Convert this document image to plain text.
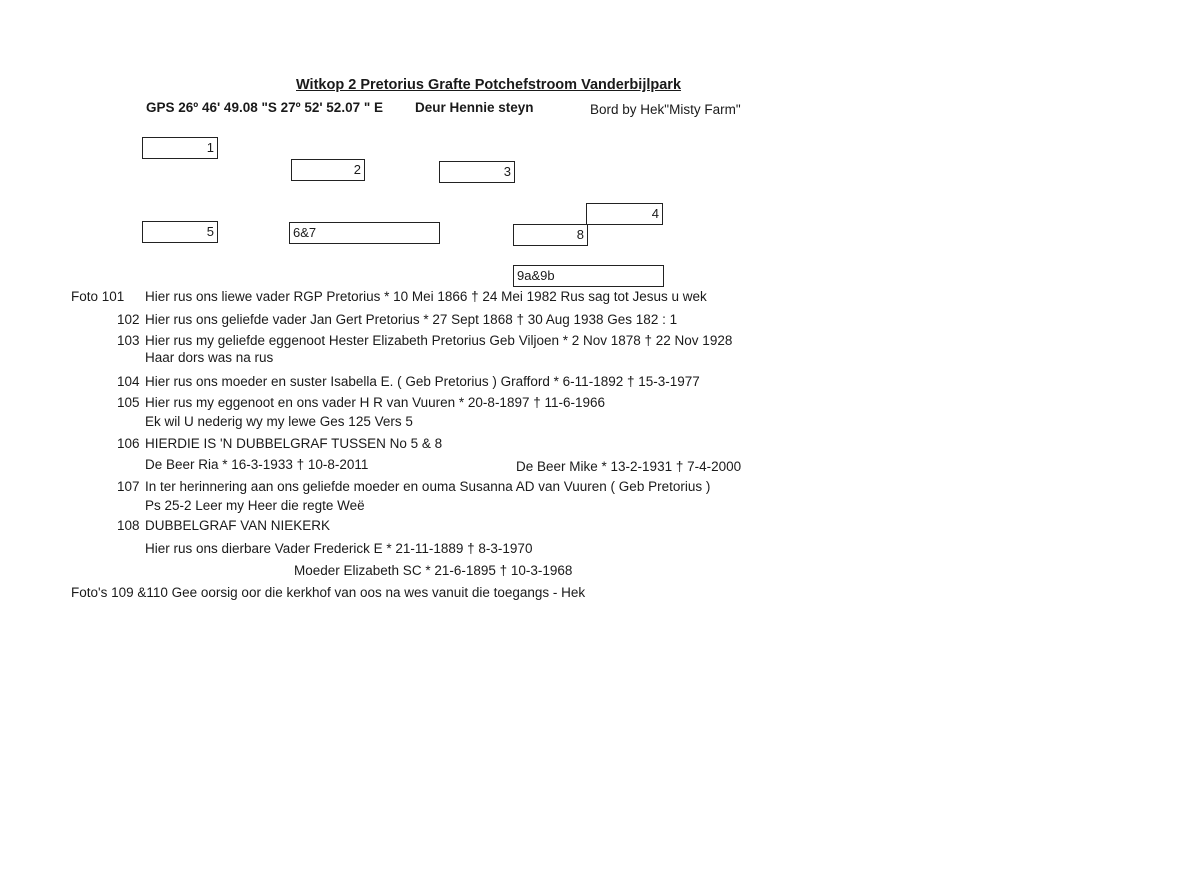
Witkop 2 Pretorius Grafte Potchefstroom Vanderbijlpark
GPS 26º 46' 49.08 "S 27º 52' 52.07 " E Deur Hennie steyn	Bord by Hek"Misty Farm"
1
2	3
4
5	6&7	8
9a&9b
Foto 101 Hier rus ons liewe vader RGP Pretorius * 10 Mei 1866 † 24 Mei 1982 Rus sag tot Jesus u wek
102 Hier rus ons geliefde vader Jan Gert Pretorius * 27 Sept 1868 † 30 Aug 1938 Ges 182 : 1
103 Hier rus my geliefde eggenoot Hester Elizabeth Pretorius Geb Viljoen * 2 Nov 1878 † 22 Nov 1928
Haar dors was na rus
104 Hier rus ons moeder en suster Isabella E. ( Geb Pretorius ) Grafford * 6-11-1892 † 15-3-1977
105 Hier rus my eggenoot en ons vader H R van Vuuren * 20-8-1897 † 11-6-1966
Ek wil U nederig wy my lewe Ges 125 Vers 5
106 HIERDIE IS 'N DUBBELGRAF TUSSEN No 5 & 8
De Beer Ria * 16-3-1933 † 10-8-2011	De Beer Mike * 13-2-1931 † 7-4-2000
107 In ter herinnering aan ons geliefde moeder en ouma Susanna AD van Vuuren ( Geb Pretorius )
Ps 25-2 Leer my Heer die regte Weë
108 DUBBELGRAF VAN NIEKERK
Hier rus ons dierbare Vader Frederick E * 21-11-1889 † 8-3-1970
Moeder Elizabeth SC * 21-6-1895 † 10-3-1968
Foto's 109 &110 Gee oorsig oor die kerkhof van oos na wes vanuit die toegangs - Hek
